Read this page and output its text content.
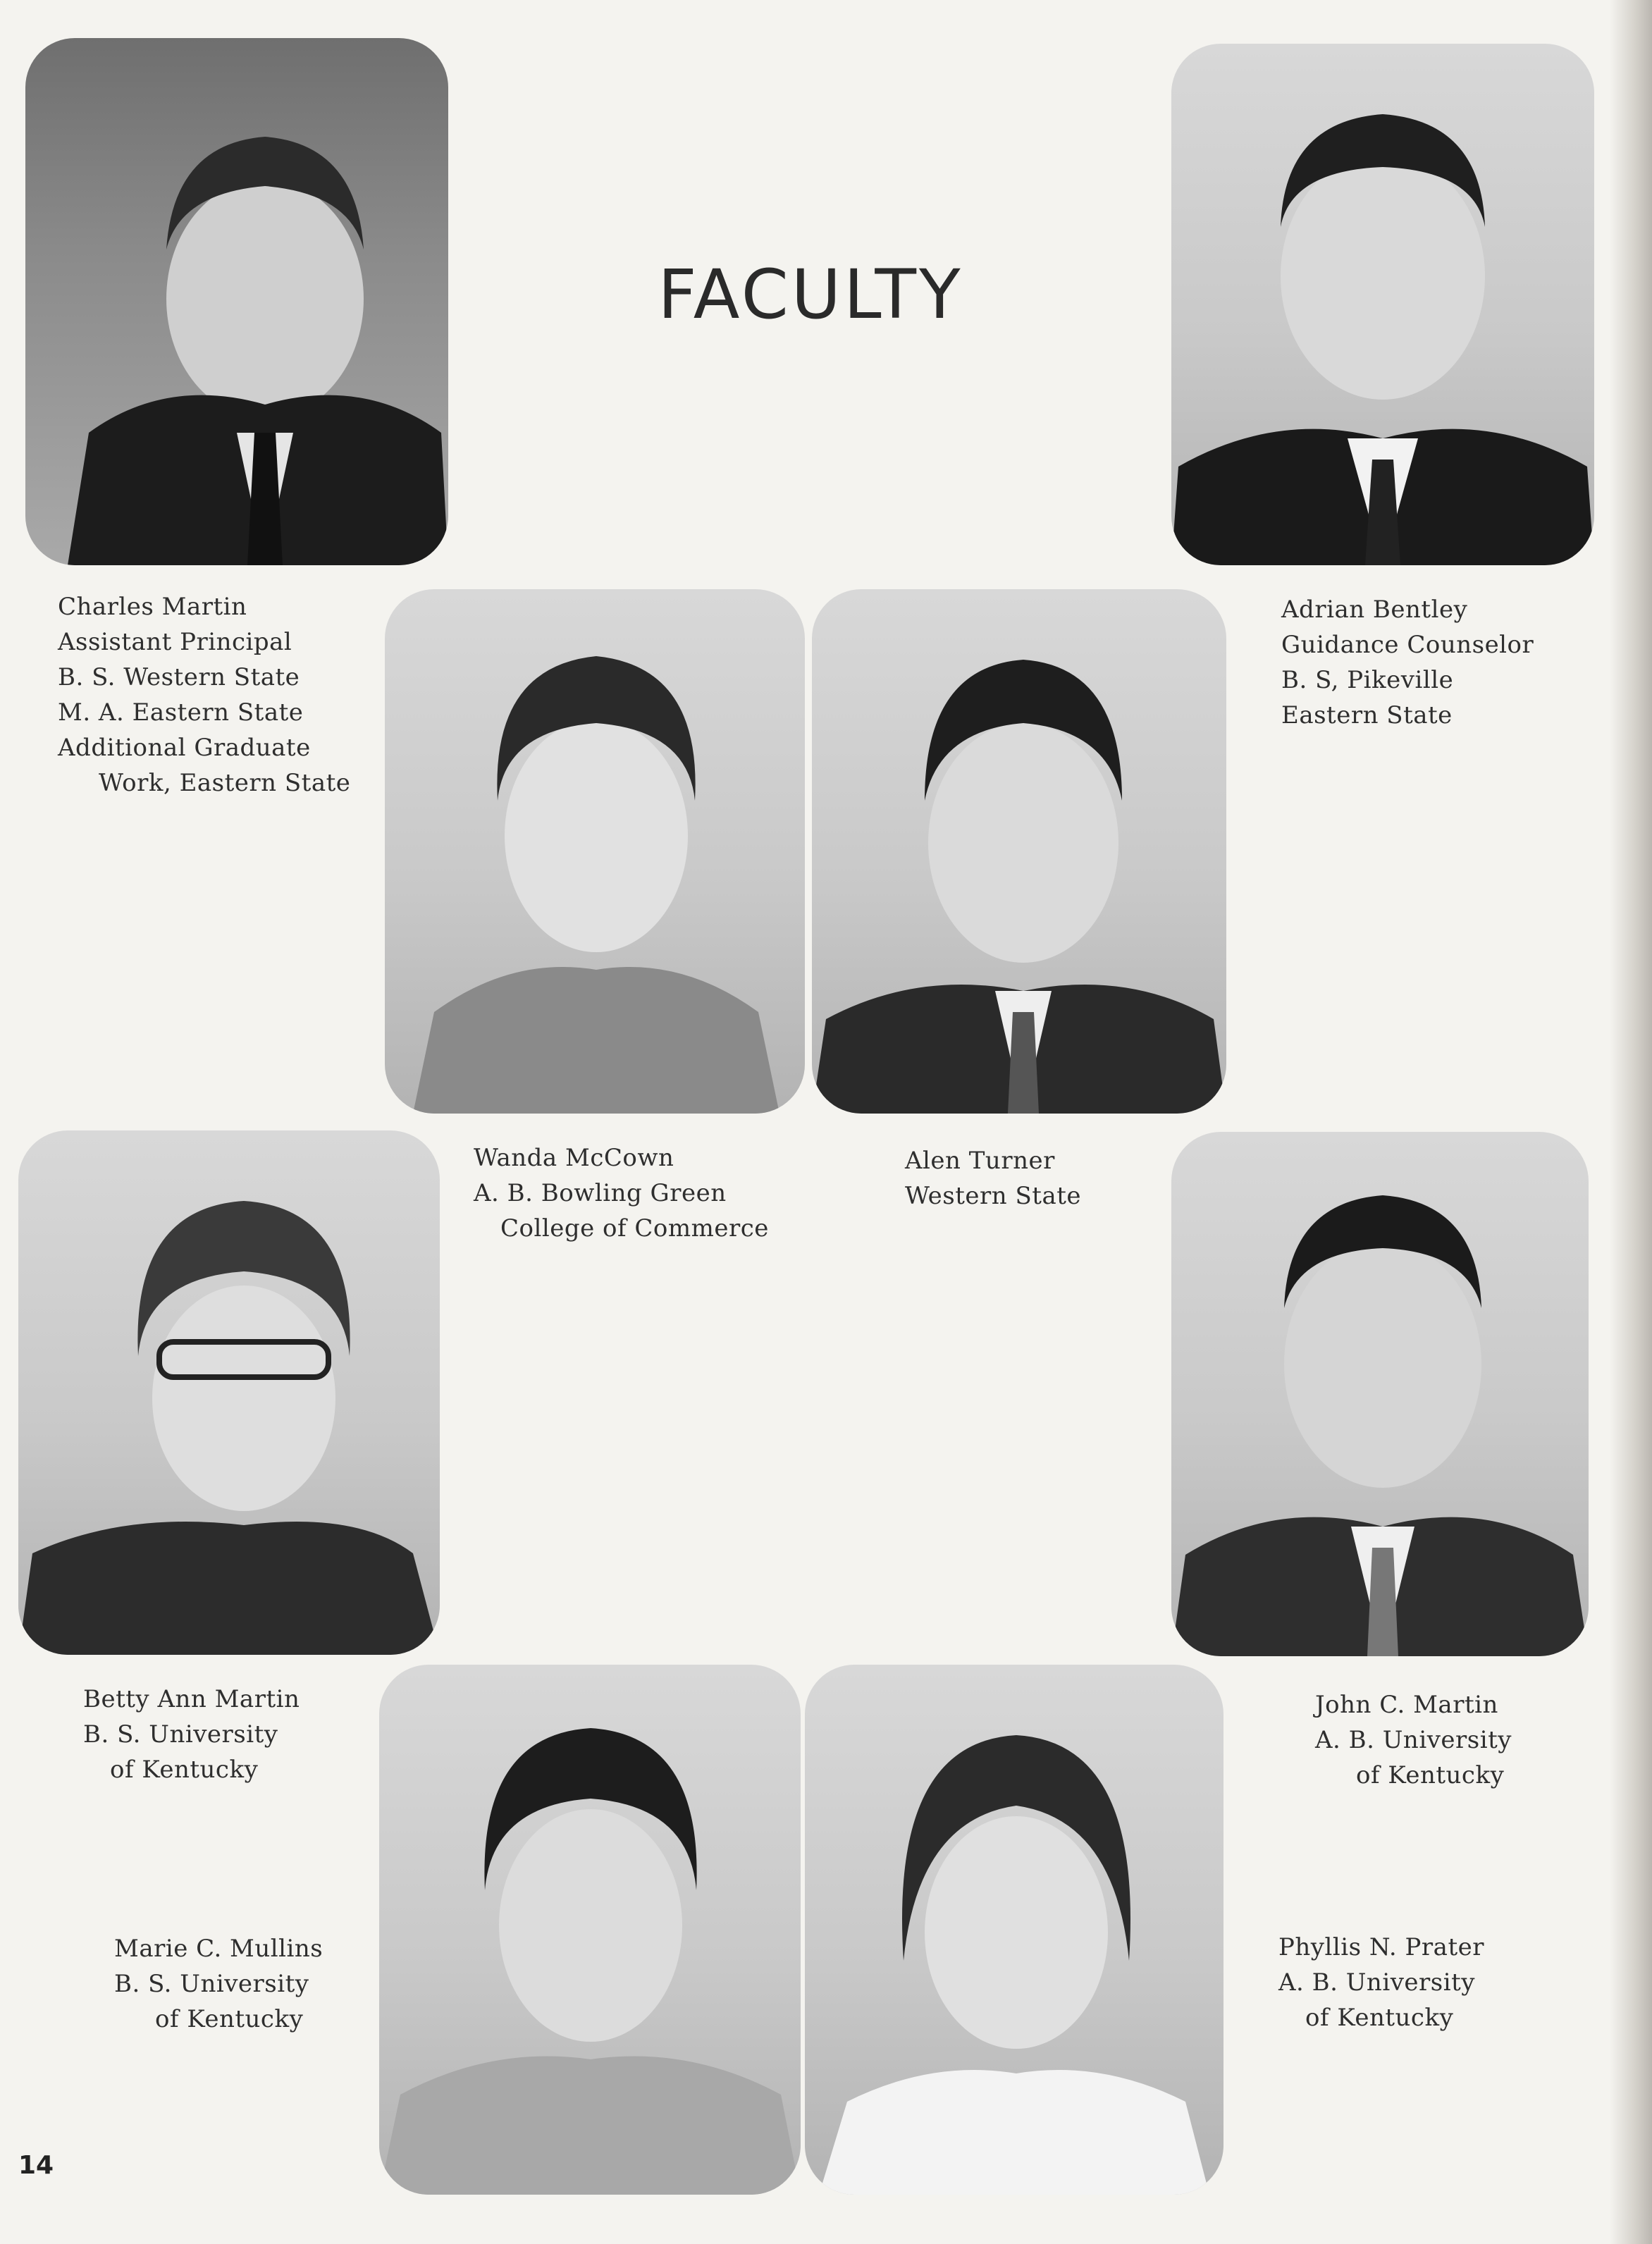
FACULTY
Charles Martin
Assistant Principal
B. S. Western State
M. A. Eastern State
Additional Graduate
Work, Eastern State
Adrian Bentley
Guidance Counselor
B. S, Pikeville
Eastern State
Wanda McCown
A. B. Bowling Green
College of Commerce
Alen Turner
Western State
Betty Ann Martin
B. S. University
of Kentucky
John C. Martin
A. B. University
of Kentucky
Marie C. Mullins
B. S. University
of Kentucky
Phyllis N. Prater
A. B. University
of Kentucky
14
